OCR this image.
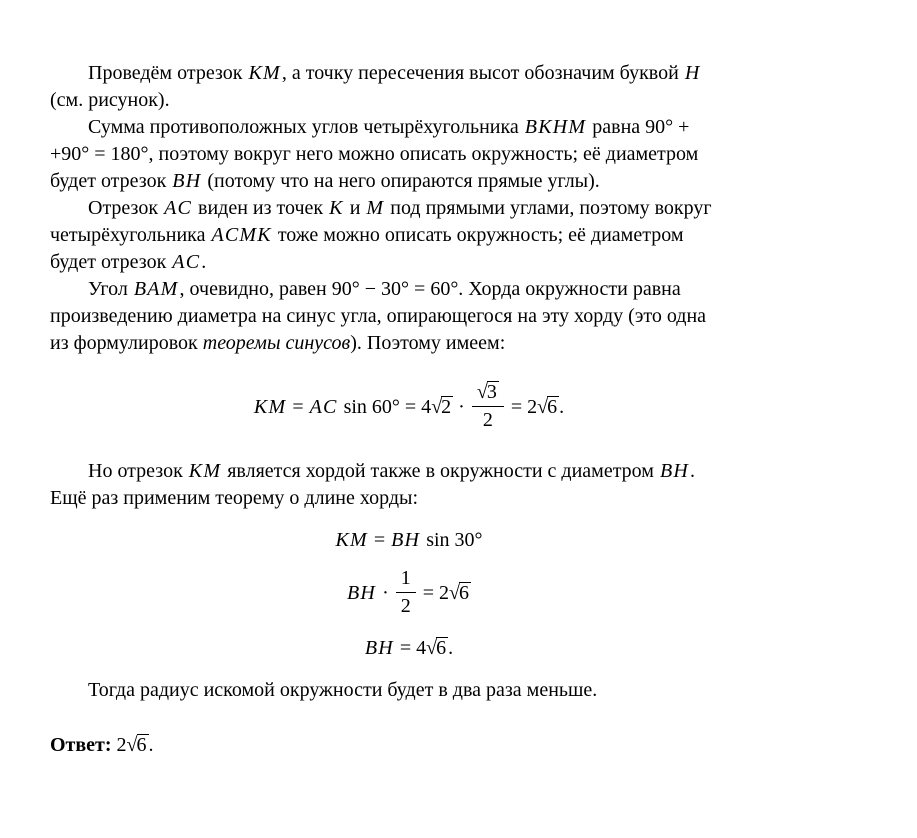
Проведём отрезок KM, а точку пересечения высот обозначим буквой H
(см. рисунок).
Сумма противоположных углов четырёхугольника BKHM равна 90° +
+90° = 180°, поэтому вокруг него можно описать окружность; её диаметром
будет отрезок BH (потому что на него опираются прямые углы).
Отрезок AC виден из точек K и M под прямыми углами, поэтому вокруг
четырёхугольника ACMK тоже можно описать окружность; её диаметром
будет отрезок AC.
Угол BAM, очевидно, равен 90° − 30° = 60°. Хорда окружности равна
произведению диаметра на синус угла, опирающегося на эту хорду (это одна
из формулировок теоремы синусов). Поэтому имеем:
KM = AC $\sin 60^\circ = 4√2 \cdot \frac{√3}{2} = 2√6$ .
Но отрезок KM является хордой также в окружности с диаметром BH.
Ещё раз применим теорему о длине хорды:
KM = BH sin 30°
BH · $\frac{1}{2} = 2√6$
BH = 4√6 .
Тогда радиус искомой окружности будет в два раза меньше.
Ответ: 2√6 .
